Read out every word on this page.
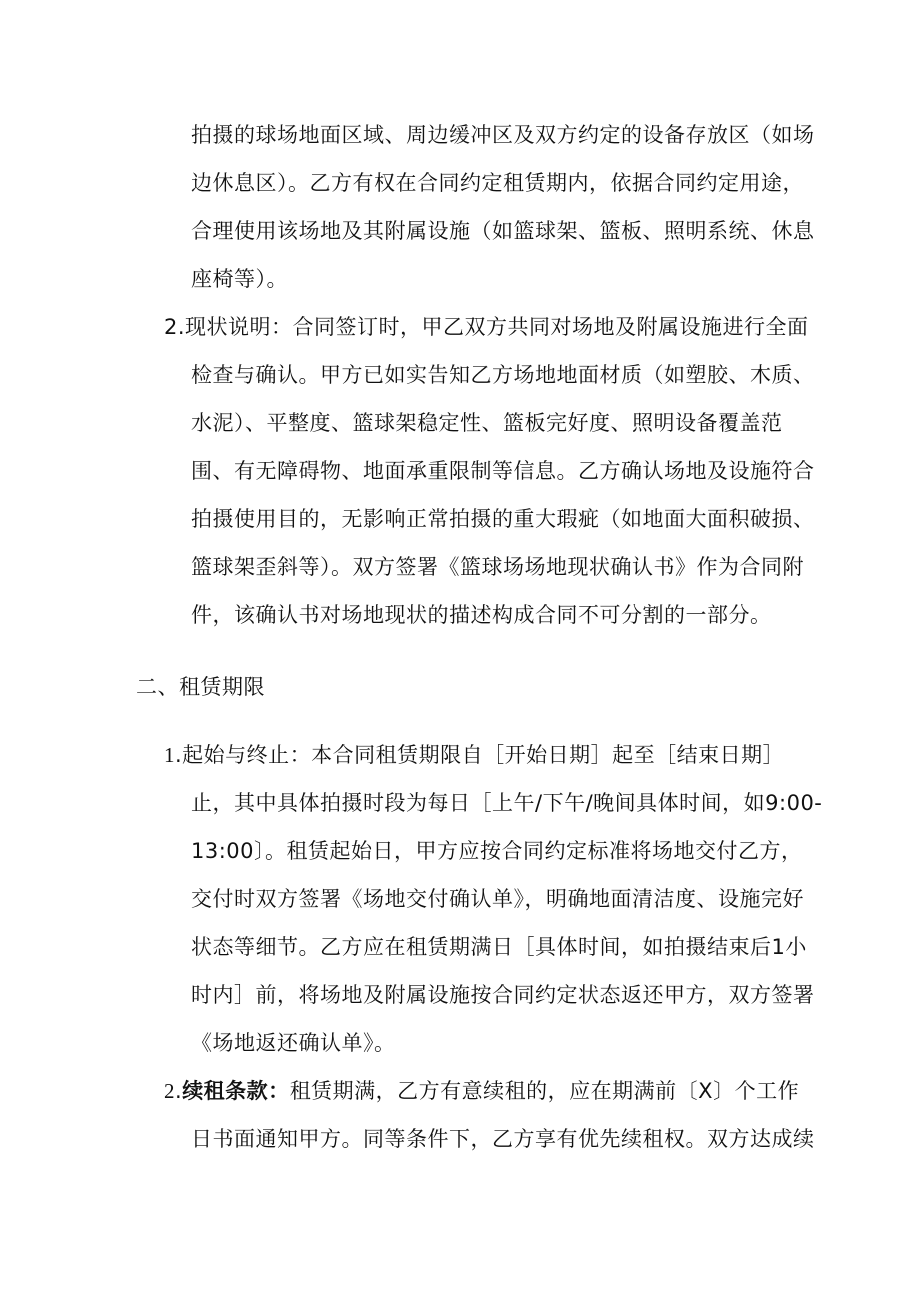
拍摄的球场地面区域、周边缓冲区及双方约定的设备存放区（如场
边休息区）。乙方有权在合同约定租赁期内，依据合同约定用途，
合理使用该场地及其附属设施（如篮球架、篮板、照明系统、休息
座椅等）。
2.现状说明：合同签订时，甲乙双方共同对场地及附属设施进行全面
检查与确认。甲方已如实告知乙方场地地面材质（如塑胶、木质、
水泥）、平整度、篮球架稳定性、篮板完好度、照明设备覆盖范
围、有无障碍物、地面承重限制等信息。乙方确认场地及设施符合
拍摄使用目的，无影响正常拍摄的重大瑕疵（如地面大面积破损、
篮球架歪斜等）。双方签署《篮球场场地现状确认书》作为合同附
件，该确认书对场地现状的描述构成合同不可分割的一部分。
二、租赁期限
1.起始与终止：本合同租赁期限自［开始日期］起至［结束日期］
止，其中具体拍摄时段为每日［上午/下午/晚间具体时间，如9:00-
13:00〕。租赁起始日，甲方应按合同约定标准将场地交付乙方，
交付时双方签署《场地交付确认单》，明确地面清洁度、设施完好
状态等细节。乙方应在租赁期满日［具体时间，如拍摄结束后1小
时内］前，将场地及附属设施按合同约定状态返还甲方，双方签署
《场地返还确认单》。
2.续租条款：租赁期满，乙方有意续租的，应在期满前〔X〕个工作
日书面通知甲方。同等条件下，乙方享有优先续租权。双方达成续
